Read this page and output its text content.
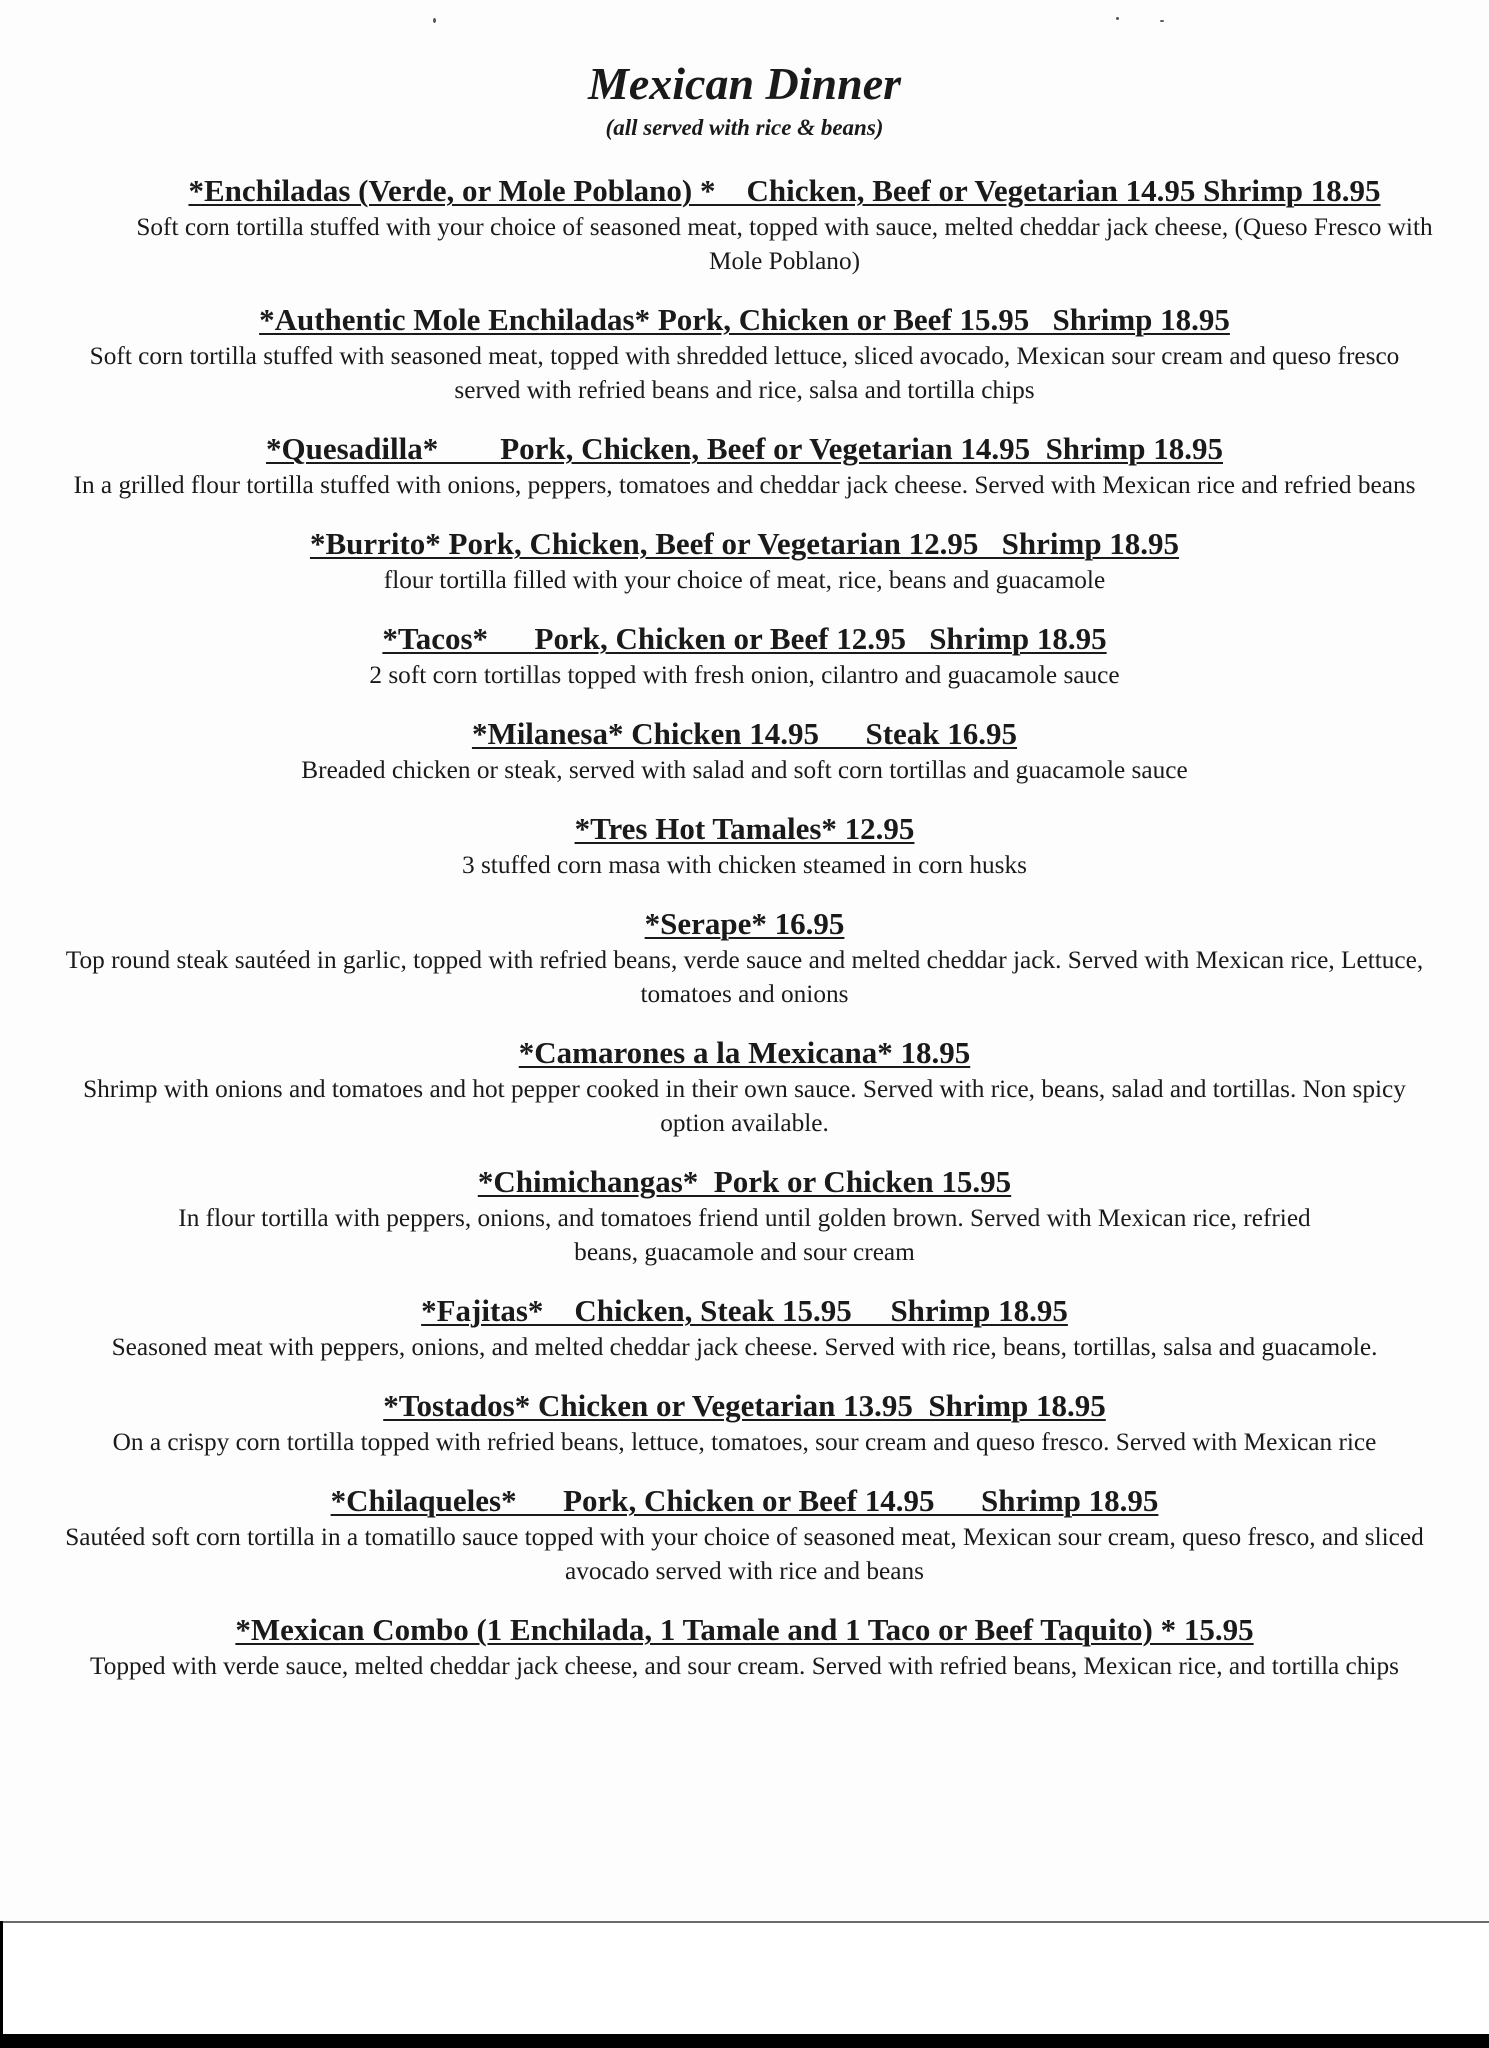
Mexican Dinner

(all served with rice & beans)

*Enchiladas (Verde, or Mole Poblano) *    Chicken, Beef or Vegetarian 14.95 Shrimp 18.95

Soft corn tortilla stuffed with your choice of seasoned meat, topped with sauce, melted cheddar jack cheese, (Queso Fresco with Mole Poblano)

*Authentic Mole Enchiladas* Pork, Chicken or Beef 15.95   Shrimp 18.95

Soft corn tortilla stuffed with seasoned meat, topped with shredded lettuce, sliced avocado, Mexican sour cream and queso fresco served with refried beans and rice, salsa and tortilla chips

*Quesadilla*        Pork, Chicken, Beef or Vegetarian 14.95  Shrimp 18.95

In a grilled flour tortilla stuffed with onions, peppers, tomatoes and cheddar jack cheese. Served with Mexican rice and refried beans

*Burrito* Pork, Chicken, Beef or Vegetarian 12.95   Shrimp 18.95

flour tortilla filled with your choice of meat, rice, beans and guacamole

*Tacos*      Pork, Chicken or Beef 12.95   Shrimp 18.95

2 soft corn tortillas topped with fresh onion, cilantro and guacamole sauce

*Milanesa* Chicken 14.95      Steak 16.95

Breaded chicken or steak, served with salad and soft corn tortillas and guacamole sauce

*Tres Hot Tamales* 12.95

3 stuffed corn masa with chicken steamed in corn husks

*Serape* 16.95

Top round steak sautéed in garlic, topped with refried beans, verde sauce and melted cheddar jack. Served with Mexican rice, Lettuce, tomatoes and onions

*Camarones a la Mexicana* 18.95

Shrimp with onions and tomatoes and hot pepper cooked in their own sauce. Served with rice, beans, salad and tortillas. Non spicy option available.

*Chimichangas*  Pork or Chicken 15.95

In flour tortilla with peppers, onions, and tomatoes friend until golden brown. Served with Mexican rice, refried beans, guacamole and sour cream

*Fajitas*    Chicken, Steak 15.95     Shrimp 18.95

Seasoned meat with peppers, onions, and melted cheddar jack cheese. Served with rice, beans, tortillas, salsa and guacamole.

*Tostados* Chicken or Vegetarian 13.95  Shrimp 18.95

On a crispy corn tortilla topped with refried beans, lettuce, tomatoes, sour cream and queso fresco. Served with Mexican rice

*Chilaqueles*      Pork, Chicken or Beef 14.95      Shrimp 18.95

Sautéed soft corn tortilla in a tomatillo sauce topped with your choice of seasoned meat, Mexican sour cream, queso fresco, and sliced avocado served with rice and beans

*Mexican Combo (1 Enchilada, 1 Tamale and 1 Taco or Beef Taquito) * 15.95

Topped with verde sauce, melted cheddar jack cheese, and sour cream. Served with refried beans, Mexican rice, and tortilla chips
